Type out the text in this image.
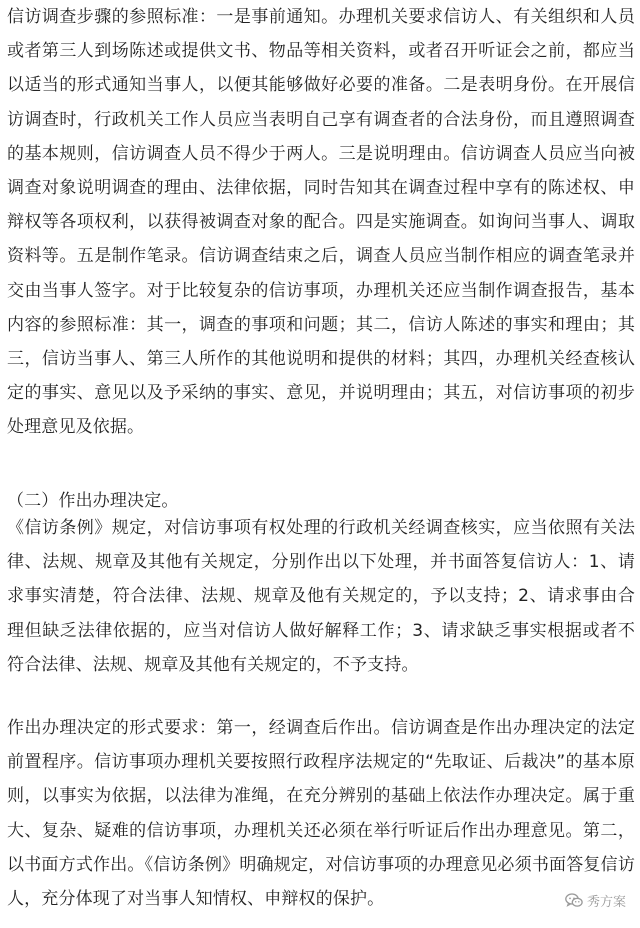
信访调查步骤的参照标准：一是事前通知。办理机关要求信访人、有关组织和人员或者第三人到场陈述或提供文书、物品等相关资料，或者召开听证会之前，都应当以适当的形式通知当事人，以便其能够做好必要的准备。二是表明身份。在开展信访调查时，行政机关工作人员应当表明自己享有调查者的合法身份，而且遵照调查的基本规则，信访调查人员不得少于两人。三是说明理由。信访调查人员应当向被调查对象说明调查的理由、法律依据，同时告知其在调查过程中享有的陈述权、申辩权等各项权利，以获得被调查对象的配合。四是实施调查。如询问当事人、调取资料等。五是制作笔录。信访调查结束之后，调查人员应当制作相应的调查笔录并交由当事人签字。对于比较复杂的信访事项，办理机关还应当制作调查报告，基本内容的参照标准：其一，调查的事项和问题；其二，信访人陈述的事实和理由；其三，信访当事人、第三人所作的其他说明和提供的材料；其四，办理机关经查核认定的事实、意见以及予采纳的事实、意见，并说明理由；其五，对信访事项的初步处理意见及依据。

（二）作出办理决定。

《信访条例》规定，对信访事项有权处理的行政机关经调查核实，应当依照有关法律、法规、规章及其他有关规定，分别作出以下处理，并书面答复信访人：1、请求事实清楚，符合法律、法规、规章及他有关规定的，予以支持；2、请求事由合理但缺乏法律依据的，应当对信访人做好解释工作；3、请求缺乏事实根据或者不符合法律、法规、规章及其他有关规定的，不予支持。

作出办理决定的形式要求：第一，经调查后作出。信访调查是作出办理决定的法定前置程序。信访事项办理机关要按照行政程序法规定的“先取证、后裁决”的基本原则，以事实为依据，以法律为准绳，在充分辨别的基础上依法作办理决定。属于重大、复杂、疑难的信访事项，办理机关还必须在举行听证后作出办理意见。第二，以书面方式作出。《信访条例》明确规定，对信访事项的办理意见必须书面答复信访人，充分体现了对当事人知情权、申辩权的保护。	秀方案
